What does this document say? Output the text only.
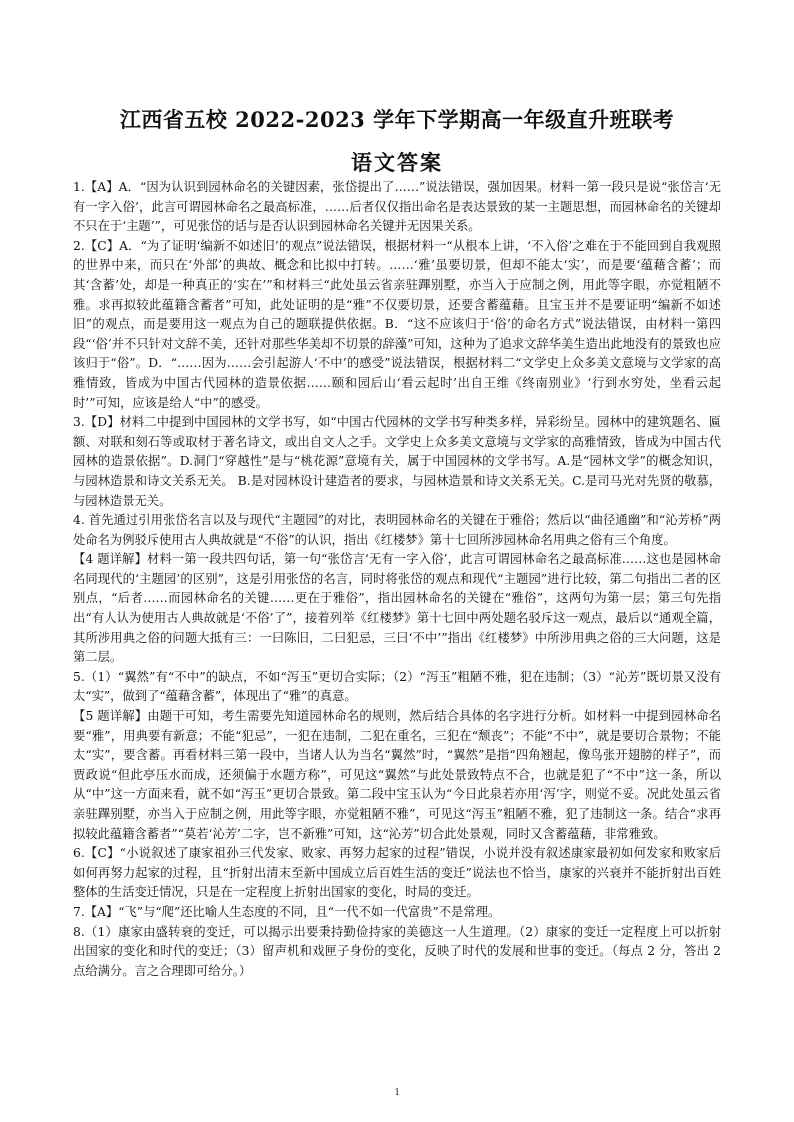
江西省五校 2022-2023 学年下学期高一年级直升班联考
语文答案

1.【A】A．“因为认识到园林命名的关键因素，张岱提出了……”说法错误，强加因果。材料一第一段只是说“张岱言‘无有一字入俗’，此言可谓园林命名之最高标准，……后者仅仅指出命名是表达景致的某一主题思想，而园林命名的关键却不只在于‘主题’”，可见张岱的话与是否认识到园林命名关键并无因果关系。

2.【C】A．“为了证明‘编新不如述旧’的观点”说法错误，根据材料一“从根本上讲，‘不入俗’之难在于不能回到自我观照的世界中来，而只在‘外部’的典故、概念和比拟中打转。……‘雅’虽要切景，但却不能太‘实’，而是要‘蕴藉含蓄’；而其‘含蓄’处，却是一种真正的‘实在’”和材料三“此处虽云省亲驻蹕别墅，亦当入于应制之例，用此等字眼，亦觉粗陋不雅。求再拟较此蕴籍含蓄者”可知，此处证明的是“雅”不仅要切景，还要含蓄蕴藉。且宝玉并不是要证明“编新不如述旧”的观点，而是要用这一观点为自己的题联提供依据。B．“这不应该归于‘俗’的命名方式”说法错误，由材料一第四段“‘俗’并不只针对文辞不美，还针对那些华美却不切景的辞藻”可知，这种为了追求文辞华美生造出此地没有的景致也应该归于“俗”。D．“……因为……会引起游人‘不中’的感受”说法错误，根据材料二“文学史上众多美文意境与文学家的高雅情致，皆成为中国古代园林的造景依据……颐和园后山‘看云起时’出自王维《终南别业》‘行到水穷处，坐看云起时’”可知，应该是给人“中”的感受。

3.【D】材料二中提到中国园林的文学书写，如“中国古代园林的文学书写种类多样，异彩纷呈。园林中的建筑题名、匾额、对联和刻石等或取材于著名诗文，或出自文人之手。文学史上众多美文意境与文学家的高雅情致，皆成为中国古代园林的造景依据”。D.洞门“穿越性”是与“桃花源”意境有关，属于中国园林的文学书写。A.是“园林文学”的概念知识，与园林造景和诗文关系无关。 B.是对园林设计建造者的要求，与园林造景和诗文关系无关。C.是司马光对先贤的敬慕，与园林造景无关。

4. 首先通过引用张岱名言以及与现代“主题园”的对比，表明园林命名的关键在于雅俗；然后以“曲径通幽”和“沁芳桥”两处命名为例驳斥使用古人典故就是“不俗”的认识，指出《红楼梦》第十七回所涉园林命名用典之俗有三个角度。

【4 题详解】材料一第一段共四句话，第一句“张岱言‘无有一字入俗’，此言可谓园林命名之最高标准……这也是园林命名同现代的‘主题园’的区别”，这是引用张岱的名言，同时将张岱的观点和现代“主题园”进行比较，第二句指出二者的区别点，“后者……而园林命名的关键……更在于雅俗”，指出园林命名的关键在“雅俗”，这两句为第一层；第三句先指出“有人认为使用古人典故就是‘不俗’了”，接着列举《红楼梦》第十七回中两处题名驳斥这一观点，最后以“通观全篇，其所涉用典之俗的问题大抵有三：一曰陈旧，二曰犯忌，三曰‘不中’”指出《红楼梦》中所涉用典之俗的三大问题，这是第二层。

5.（1）“翼然”有“不中”的缺点，不如“泻玉”更切合实际；（2）“泻玉”粗陋不雅，犯在违制；（3）“沁芳”既切景又没有太“实”，做到了“蕴藉含蓄”，体现出了“雅”的真意。

【5 题详解】由题干可知，考生需要先知道园林命名的规则，然后结合具体的名字进行分析。如材料一中提到园林命名要“雅”，用典要有新意；不能“犯忌”，一犯在违制，二犯在重名，三犯在“颓丧”；不能“不中”，就是要切合景物；不能太“实”，要含蓄。再看材料三第一段中，当诸人认为当名“翼然”时，“翼然”是指“四角翘起，像鸟张开翅膀的样子”，而贾政说“但此亭压水而成，还须偏于水题方称”，可见这“翼然”与此处景致特点不合，也就是犯了“不中”这一条，所以从“中”这一方面来看，就不如“泻玉”更切合景致。第二段中宝玉认为“今日此泉若亦用‘泻’字，则觉不妥。况此处虽云省亲驻蹕别墅，亦当入于应制之例，用此等字眼，亦觉粗陋不雅”，可见这“泻玉”粗陋不雅，犯了违制这一条。结合“求再拟较此蕴籍含蓄者”“莫若‘沁芳’二字，岂不新雅”可知，这“沁芳”切合此处景观，同时又含蓄蕴藉，非常雅致。

6.【C】“小说叙述了康家祖孙三代发家、败家、再努力起家的过程”错误，小说并没有叙述康家最初如何发家和败家后如何再努力起家的过程，且“折射出清末至新中国成立后百姓生活的变迁”说法也不恰当，康家的兴衰并不能折射出百姓整体的生活变迁情况，只是在一定程度上折射出国家的变化，时局的变迁。

7.【A】“飞”与“爬”还比喻人生态度的不同，且“一代不如一代富贵”不是常理。

8.（1）康家由盛转衰的变迁，可以揭示出要秉持勤俭持家的美德这一人生道理。（2）康家的变迁一定程度上可以折射出国家的变化和时代的变迁；（3）留声机和戏匣子身份的变化，反映了时代的发展和世事的变迁。（每点 2 分，答出 2 点给满分。言之合理即可给分。）

1
